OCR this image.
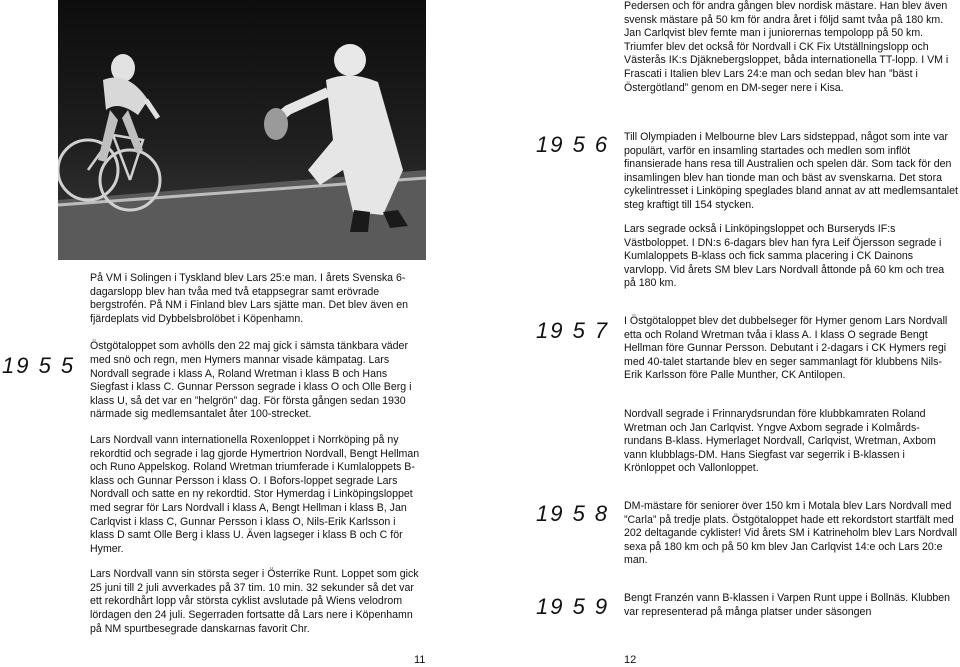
19 5 5

På VM i Solingen i Tyskland blev Lars 25:e man. I årets Svenska 6-dagarslopp blev han tvåa med två etappsegrar samt erövrade bergstrofén. På NM i Finland blev Lars sjätte man. Det blev även en fjärdeplats vid Dybbelsbrolöbet i Köpenhamn.

Östgötaloppet som avhölls den 22 maj gick i sämsta tänkbara väder med snö och regn, men Hymers mannar visade kämpatag. Lars Nordvall segrade i klass A, Roland Wretman i klass B och Hans Siegfast i klass C. Gunnar Persson segrade i klass O och Olle Berg i klass U, så det var en ”helgrön” dag. För första gången sedan 1930 närmade sig medlemsantalet åter 100-strecket.

Lars Nordvall vann internationella Roxenloppet i Norrköping på ny rekordtid och segrade i lag gjorde Hymertrion Nordvall, Bengt Hellman och Runo Appelskog. Roland Wretman triumferade i Kumlaloppets B-klass och Gunnar Persson i klass O. I Bofors-loppet segrade Lars Nordvall och satte en ny rekordtid. Stor Hymerdag i Linköpingsloppet med segrar för Lars Nordvall i klass A, Bengt Hellman i klass B, Jan Carlqvist i klass C, Gunnar Persson i klass O, Nils-Erik Karlsson i klass D samt Olle Berg i klass U. Även lagseger i klass B och C för Hymer.

Lars Nordvall vann sin största seger i Österrike Runt. Loppet som gick 25 juni till 2 juli avverkades på 37 tim. 10 min. 32 sekunder så det var ett rekordhårt lopp vår största cyklist avslutade på Wiens velodrom lördagen den 24 juli. Segerraden fortsatte då Lars nere i Köpenhamn på NM spurtbesegrade danskarnas favorit Chr.

11
Pedersen och för andra gången blev nordisk mästare. Han blev även svensk mästare på 50 km för andra året i följd samt tvåa på 180 km. Jan Carlqvist blev femte man i juniorernas tempolopp på 50 km. Triumfer blev det också för Nordvall i CK Fix Utställningslopp och Västerås IK:s Djäknebergsloppet, båda internationella TT-lopp. I VM i Frascati i Italien blev Lars 24:e man och sedan blev han ”bäst i Östergötland” genom en DM-seger nere i Kisa.
19 5 6 Till Olympiaden i Melbourne blev Lars sidsteppad, något som inte var populärt, varför en insamling startades och medlen som inflöt finansierade hans resa till Australien och spelen där. Som tack för den insamlingen blev han tionde man och bäst av svenskarna. Det stora cykelintresset i Linköping speglades bland annat av att medlemsantalet steg kraftigt till 154 stycken.
Lars segrade också i Linköpingsloppet och Burseryds IF:s Västboloppet. I DN:s 6-dagars blev han fyra Leif Öjersson segrade i Kumlaloppets B-klass och fick samma placering i CK Dainons varvlopp. Vid årets SM blev Lars Nordvall åttonde på 60 km och trea på 180 km.
19 5 7 I Östgötaloppet blev det dubbelseger för Hymer genom Lars Nordvall etta och Roland Wretman tvåa i klass A. I klass O segrade Bengt Hellman före Gunnar Persson. Debutant i 2-dagars i CK Hymers regi med 40-talet startande blev en seger sammanlagt för klubbens Nils-Erik Karlsson före Palle Munther, CK Antilopen.
Nordvall segrade i Frinnarydsrundan före klubbkamraten Roland Wretman och Jan Carlqvist. Yngve Axbom segrade i Kolmårds-rundans B-klass. Hymerlaget Nordvall, Carlqvist, Wretman, Axbom vann klubblags-DM. Hans Siegfast var segerrik i B-klassen i Krönloppet och Vallonloppet.
19 5 8 DM-mästare för seniorer över 150 km i Motala blev Lars Nordvall med ”Carla” på tredje plats. Östgötaloppet hade ett rekordstort startfält med 202 deltagande cyklister! Vid årets SM i Katrineholm blev Lars Nordvall sexa på 180 km och på 50 km blev Jan Carlqvist 14:e och Lars 20:e man.
19 5 9 Bengt Franzén vann B-klassen i Varpen Runt uppe i Bollnäs. Klubben var representerad på många platser under säsongen
12
